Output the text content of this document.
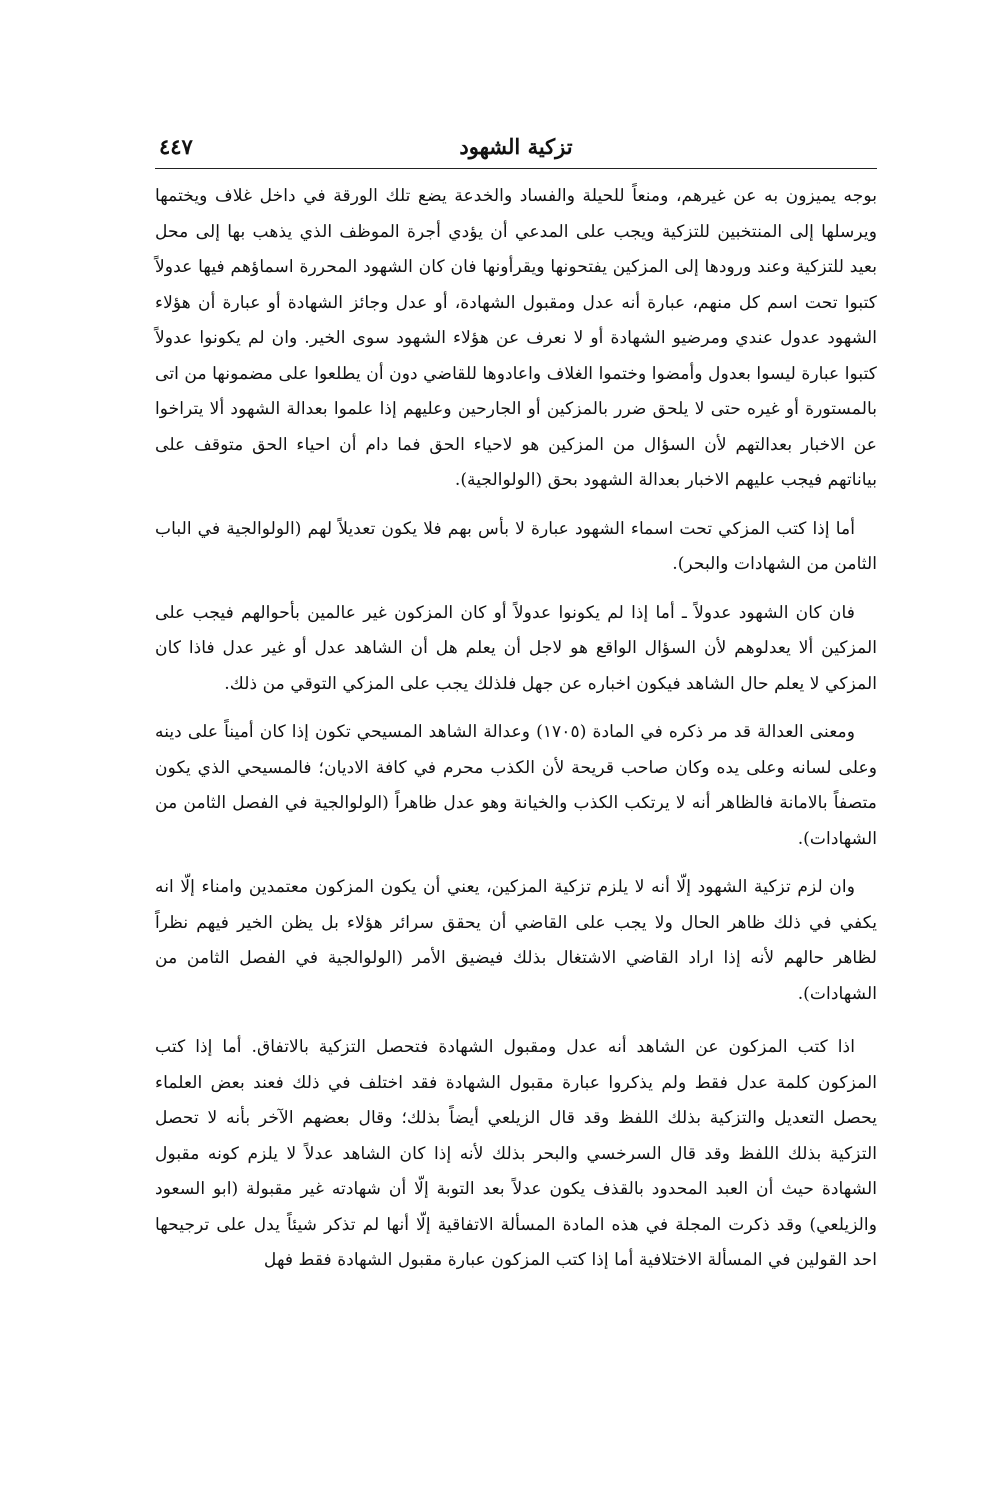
تزكية الشهود
٤٤٧

بوجه يميزون به عن غيرهم، ومنعاً للحيلة والفساد والخدعة يضع تلك الورقة في داخل غلاف ويختمها ويرسلها إلى المنتخبين للتزكية ويجب على المدعي أن يؤدي أجرة الموظف الذي يذهب بها إلى محل بعيد للتزكية وعند ورودها إلى المزكين يفتحونها ويقرأونها فان كان الشهود المحررة اسماؤهم فيها عدولاً كتبوا تحت اسم كل منهم، عبارة أنه عدل ومقبول الشهادة، أو عدل وجائز الشهادة أو عبارة أن هؤلاء الشهود عدول عندي ومرضيو الشهادة أو لا نعرف عن هؤلاء الشهود سوى الخير. وان لم يكونوا عدولاً كتبوا عبارة ليسوا بعدول وأمضوا وختموا الغلاف واعادوها للقاضي دون أن يطلعوا على مضمونها من اتى بالمستورة أو غيره حتى لا يلحق ضرر بالمزكين أو الجارحين وعليهم إذا علموا بعدالة الشهود ألا يتراخوا عن الاخبار بعدالتهم لأن السؤال من المزكين هو لاحياء الحق فما دام أن احياء الحق متوقف على بياناتهم فيجب عليهم الاخبار بعدالة الشهود بحق (الولوالجية).

أما إذا كتب المزكي تحت اسماء الشهود عبارة لا بأس بهم فلا يكون تعديلاً لهم (الولوالجية في الباب الثامن من الشهادات والبحر).

فان كان الشهود عدولاً ـ أما إذا لم يكونوا عدولاً أو كان المزكون غير عالمين بأحوالهم فيجب على المزكين ألا يعدلوهم لأن السؤال الواقع هو لاجل أن يعلم هل أن الشاهد عدل أو غير عدل فاذا كان المزكي لا يعلم حال الشاهد فيكون اخباره عن جهل فلذلك يجب على المزكي التوقي من ذلك.

ومعنى العدالة قد مر ذكره في المادة (١٧٠٥) وعدالة الشاهد المسيحي تكون إذا كان أميناً على دينه وعلى لسانه وعلى يده وكان صاحب قريحة لأن الكذب محرم في كافة الاديان؛ فالمسيحي الذي يكون متصفاً بالامانة فالظاهر أنه لا يرتكب الكذب والخيانة وهو عدل ظاهراً (الولوالجية في الفصل الثامن من الشهادات).

وان لزم تزكية الشهود إلّا أنه لا يلزم تزكية المزكين، يعني أن يكون المزكون معتمدين وامناء إلّا انه يكفي في ذلك ظاهر الحال ولا يجب على القاضي أن يحقق سرائر هؤلاء بل يظن الخير فيهم نظراً لظاهر حالهم لأنه إذا اراد القاضي الاشتغال بذلك فيضيق الأمر (الولوالجية في الفصل الثامن من الشهادات).

اذا كتب المزكون عن الشاهد أنه عدل ومقبول الشهادة فتحصل التزكية بالاتفاق. أما إذا كتب المزكون كلمة عدل فقط ولم يذكروا عبارة مقبول الشهادة فقد اختلف في ذلك فعند بعض العلماء يحصل التعديل والتزكية بذلك اللفظ وقد قال الزيلعي أيضاً بذلك؛ وقال بعضهم الآخر بأنه لا تحصل التزكية بذلك اللفظ وقد قال السرخسي والبحر بذلك لأنه إذا كان الشاهد عدلاً لا يلزم كونه مقبول الشهادة حيث أن العبد المحدود بالقذف يكون عدلاً بعد التوبة إلّا أن شهادته غير مقبولة (ابو السعود والزيلعي) وقد ذكرت المجلة في هذه المادة المسألة الاتفاقية إلّا أنها لم تذكر شيئاً يدل على ترجيحها احد القولين في المسألة الاختلافية أما إذا كتب المزكون عبارة مقبول الشهادة فقط فهل
